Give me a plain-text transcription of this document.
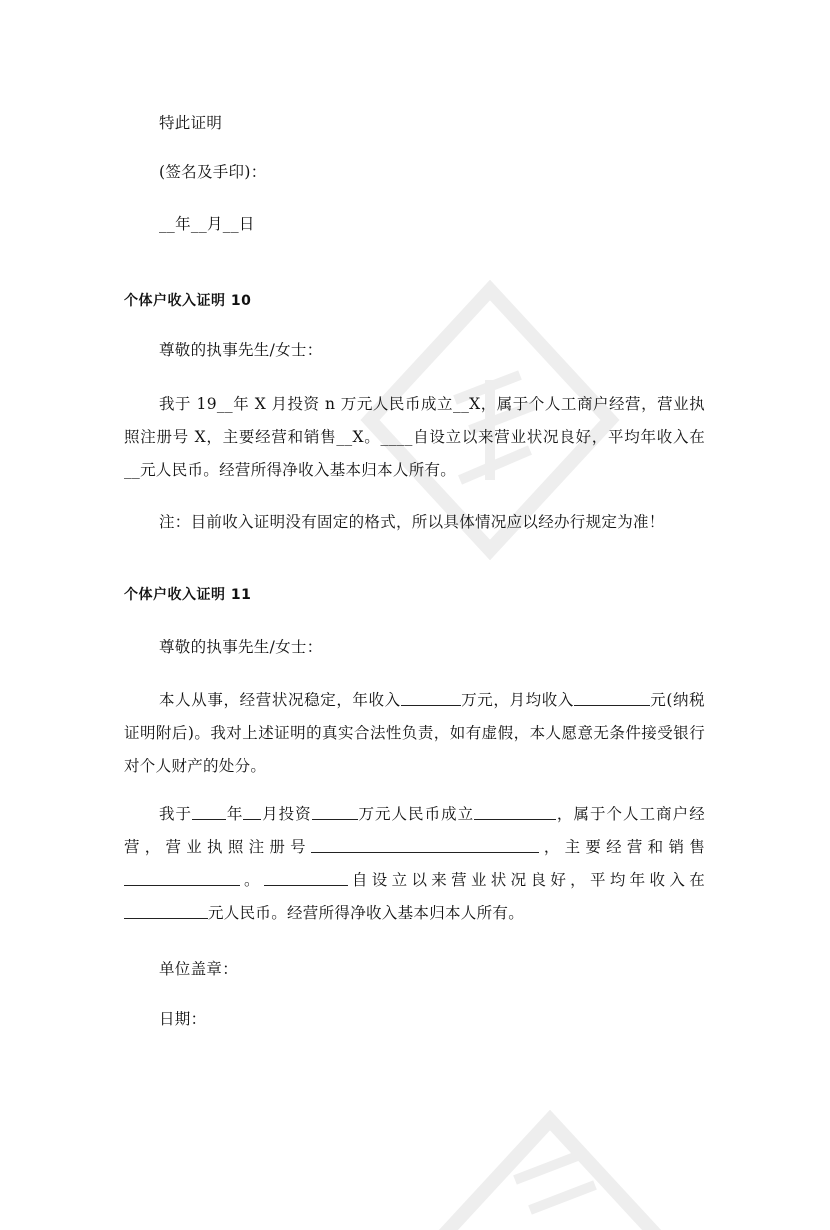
特此证明
(签名及手印)：
__年__月__日
个体户收入证明 10
尊敬的执事先生/女士：
我于 19__年 X 月投资 n 万元人民币成立__X，属于个人工商户经营，营业执照注册号 X，主要经营和销售__X。____自设立以来营业状况良好，平均年收入在__元人民币。经营所得净收入基本归本人所有。
注：目前收入证明没有固定的格式，所以具体情况应以经办行规定为准！
个体户收入证明 11
尊敬的执事先生/女士：
本人从事，经营状况稳定，年收入	万元，月均收入	元(纳税证明附后)。我对上述证明的真实合法性负责，如有虚假，本人愿意无条件接受银行对个人财产的处分。
我于 年 月投资	万元人民币成立	，属于个人工商户经营，营业执照注册号	，主要经营和销售。	自设立以来营业状况良好，平均年收入在元人民币。经营所得净收入基本归本人所有。
单位盖章：
日期：
